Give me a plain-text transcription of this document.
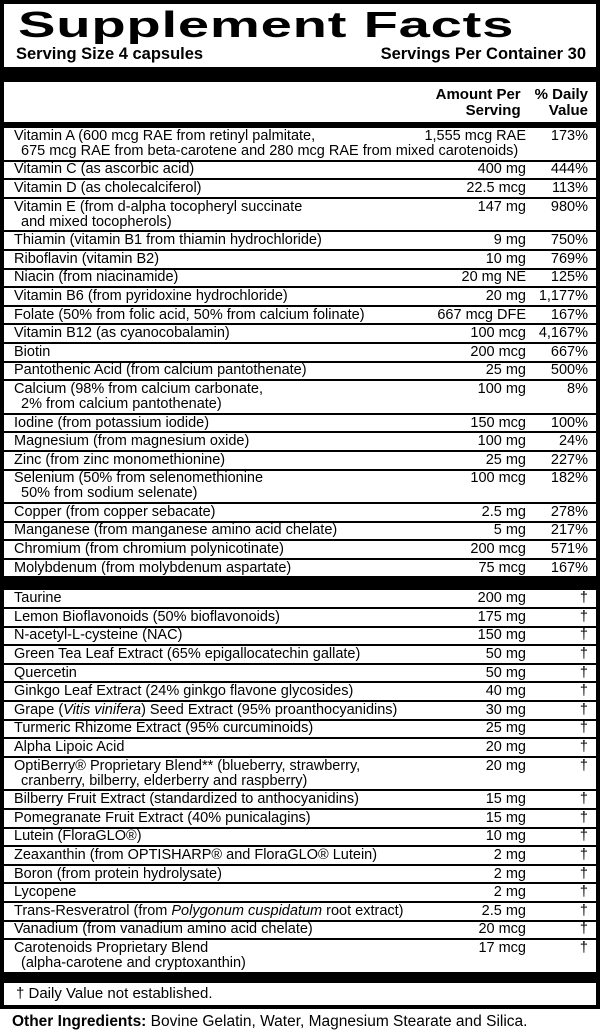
Supplement Facts
Serving Size 4 capsules	Servings Per Container 30
Amount Per
Serving
% Daily
Value
Vitamin A (600 mcg RAE from retinyl palmitate,
675 mcg RAE from beta-carotene and 280 mcg RAE from mixed carotenoids)
1,555 mcg RAE 173%
Vitamin C (as ascorbic acid)	400 mg 444%
Vitamin D (as cholecalciferol)	22.5 mcg 113%
Vitamin E (from d-alpha tocopheryl succinate
and mixed tocopherols)
147 mg 980%
Thiamin (vitamin B1 from thiamin hydrochloride)	9 mg 750%
Riboflavin (vitamin B2)	10 mg 769%
Niacin (from niacinamide)	20 mg NE 125%
Vitamin B6 (from pyridoxine hydrochloride)	20 mg 1,177%
Folate (50% from folic acid, 50% from calcium folinate)	667 mcg DFE 167%
Vitamin B12 (as cyanocobalamin)	100 mcg 4,167%
Biotin	200 mcg 667%
Pantothenic Acid (from calcium pantothenate)	25 mg 500%
Calcium (98% from calcium carbonate,
2% from calcium pantothenate)
100 mg	8%
Iodine (from potassium iodide)	150 mcg 100%
Magnesium (from magnesium oxide)	100 mg 24%
Zinc (from zinc monomethionine)	25 mg 227%
Selenium (50% from selenomethionine
50% from sodium selenate)
100 mcg 182%
Copper (from copper sebacate)	2.5 mg 278%
Manganese (from manganese amino acid chelate)	5 mg 217%
Chromium (from chromium polynicotinate)	200 mcg 571%
Molybdenum (from molybdenum aspartate)	75 mcg 167%
Taurine	200 mg	†
Lemon Bioflavonoids (50% bioflavonoids)	175 mg	†
N-acetyl-L-cysteine (NAC)	150 mg	†
Green Tea Leaf Extract (65% epigallocatechin gallate)	50 mg	†
Quercetin	50 mg	†
Ginkgo Leaf Extract (24% ginkgo flavone glycosides)	40 mg	†
Grape (Vitis vinifera) Seed Extract (95% proanthocyanidins)	30 mg	†
Turmeric Rhizome Extract (95% curcuminoids)	25 mg	†
Alpha Lipoic Acid	20 mg	†
OptiBerry® Proprietary Blend** (blueberry, strawberry,
cranberry, bilberry, elderberry and raspberry)
20 mg	†
Bilberry Fruit Extract (standardized to anthocyanidins)	15 mg	†
Pomegranate Fruit Extract (40% punicalagins)	15 mg	†
Lutein (FloraGLO®)	10 mg	†
Zeaxanthin (from OPTISHARP® and FloraGLO® Lutein)	2 mg	†
Boron (from protein hydrolysate)	2 mg	†
Lycopene	2 mg	†
Trans-Resveratrol (from Polygonum cuspidatum root extract)	2.5 mg	†
Vanadium (from vanadium amino acid chelate)	20 mcg	†
Carotenoids Proprietary Blend
(alpha-carotene and cryptoxanthin)
17 mcg	†
† Daily Value not established.

Other Ingredients: Bovine Gelatin, Water, Magnesium Stearate and Silica.
